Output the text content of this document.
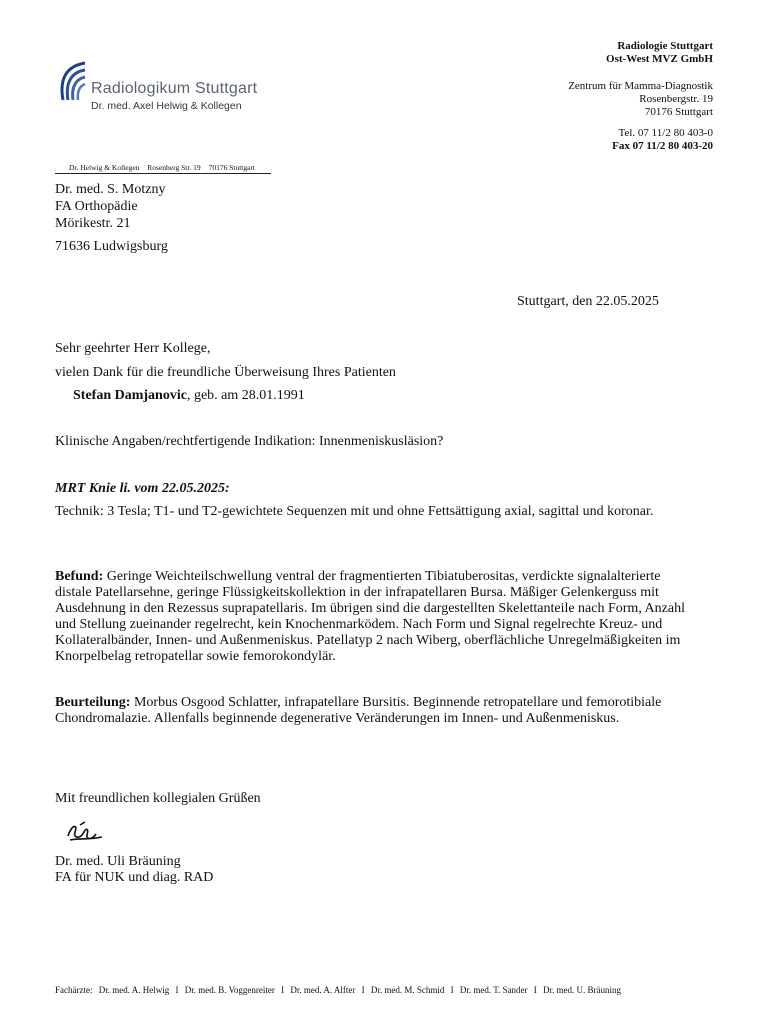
Radiologikum Stuttgart
Dr. med. Axel Helwig & Kollegen
Radiologie Stuttgart
Ost-West MVZ GmbH
Zentrum für Mamma-Diagnostik
Rosenbergstr. 19
70176 Stuttgart
Tel. 07 11/2 80 403-0
Fax 07 11/2 80 403-20
Dr. Helwig & Kollegen Rosenberg Str. 19 70176 Stuttgart
Dr. med. S. Motzny
FA Orthopädie
Mörikestr. 21
71636 Ludwigsburg
Stuttgart, den 22.05.2025
Sehr geehrter Herr Kollege,
vielen Dank für die freundliche Überweisung Ihres Patienten
Stefan Damjanovic, geb. am 28.01.1991
Klinische Angaben/rechtfertigende Indikation: Innenmeniskusläsion?
MRT Knie li. vom 22.05.2025:
Technik: 3 Tesla; T1- und T2-gewichtete Sequenzen mit und ohne Fettsättigung axial, sagittal und koronar.
Befund: Geringe Weichteilschwellung ventral der fragmentierten Tibiatuberositas, verdickte signalalterierte distale Patellarsehne, geringe Flüssigkeitskollektion in der infrapatellaren Bursa. Mäßiger Gelenkerguss mit Ausdehnung in den Rezessus suprapatellaris. Im übrigen sind die dargestellten Skelettanteile nach Form, Anzahl und Stellung zueinander regelrecht, kein Knochenmarködem. Nach Form und Signal regelrechte Kreuz- und Kollateralbänder, Innen- und Außenmeniskus. Patellatyp 2 nach Wiberg, oberflächliche Unregelmäßigkeiten im Knorpelbelag retropatellar sowie femorokondylär.
Beurteilung: Morbus Osgood Schlatter, infrapatellare Bursitis. Beginnende retropatellare und femorotibiale Chondromalazie. Allenfalls beginnende degenerative Veränderungen im Innen- und Außenmeniskus.
Mit freundlichen kollegialen Grüßen
Dr. med. Uli Bräuning
FA für NUK und diag. RAD
Fachärzte: Dr. med. A. Helwig I Dr. med. B. Voggenreiter I Dr. med. A. Alfter I Dr. med. M. Schmid I Dr. med. T. Sander I Dr. med. U. Bräuning
